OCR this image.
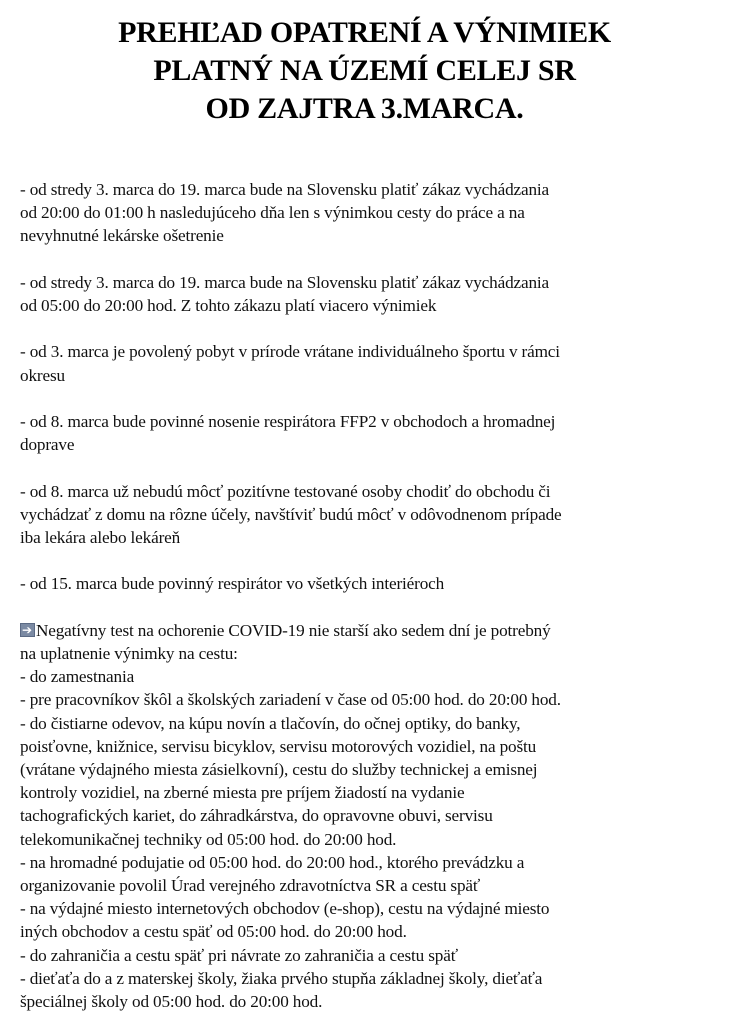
PREHĽAD OPATRENÍ A VÝNIMIEK
PLATNÝ NA ÚZEMÍ CELEJ SR
OD ZAJTRA 3.MARCA.
- od stredy 3. marca do 19. marca bude na Slovensku platiť zákaz vychádzania
od 20:00 do 01:00 h nasledujúceho dňa len s výnimkou cesty do práce a na
nevyhnutné lekárske ošetrenie
- od stredy 3. marca do 19. marca bude na Slovensku platiť zákaz vychádzania
od 05:00 do 20:00 hod. Z tohto zákazu platí viacero výnimiek
- od 3. marca je povolený pobyt v prírode vrátane individuálneho športu v rámci
okresu
- od 8. marca bude povinné nosenie respirátora FFP2 v obchodoch a hromadnej
doprave
- od 8. marca už nebudú môcť pozitívne testované osoby chodiť do obchodu či
vychádzať z domu na rôzne účely, navštíviť budú môcť v odôvodnenom prípade
iba lekára alebo lekáreň
- od 15. marca bude povinný respirátor vo všetkých interiéroch
➔Negatívny test na ochorenie COVID-19 nie starší ako sedem dní je potrebný
na uplatnenie výnimky na cestu:
- do zamestnania
- pre pracovníkov škôl a školských zariadení v čase od 05:00 hod. do 20:00 hod.
- do čistiarne odevov, na kúpu novín a tlačovín, do očnej optiky, do banky,
poisťovne, knižnice, servisu bicyklov, servisu motorových vozidiel, na poštu
(vrátane výdajného miesta zásielkovní), cestu do služby technickej a emisnej
kontroly vozidiel, na zberné miesta pre príjem žiadostí na vydanie
tachografických kariet, do záhradkárstva, do opravovne obuvi, servisu
telekomunikačnej techniky od 05:00 hod. do 20:00 hod.
- na hromadné podujatie od 05:00 hod. do 20:00 hod., ktorého prevádzku a
organizovanie povolil Úrad verejného zdravotníctva SR a cestu späť
- na výdajné miesto internetových obchodov (e-shop), cestu na výdajné miesto
iných obchodov a cestu späť od 05:00 hod. do 20:00 hod.
- do zahraničia a cestu späť pri návrate zo zahraničia a cestu späť
- dieťaťa do a z materskej školy, žiaka prvého stupňa základnej školy, dieťaťa
špeciálnej školy od 05:00 hod. do 20:00 hod.
